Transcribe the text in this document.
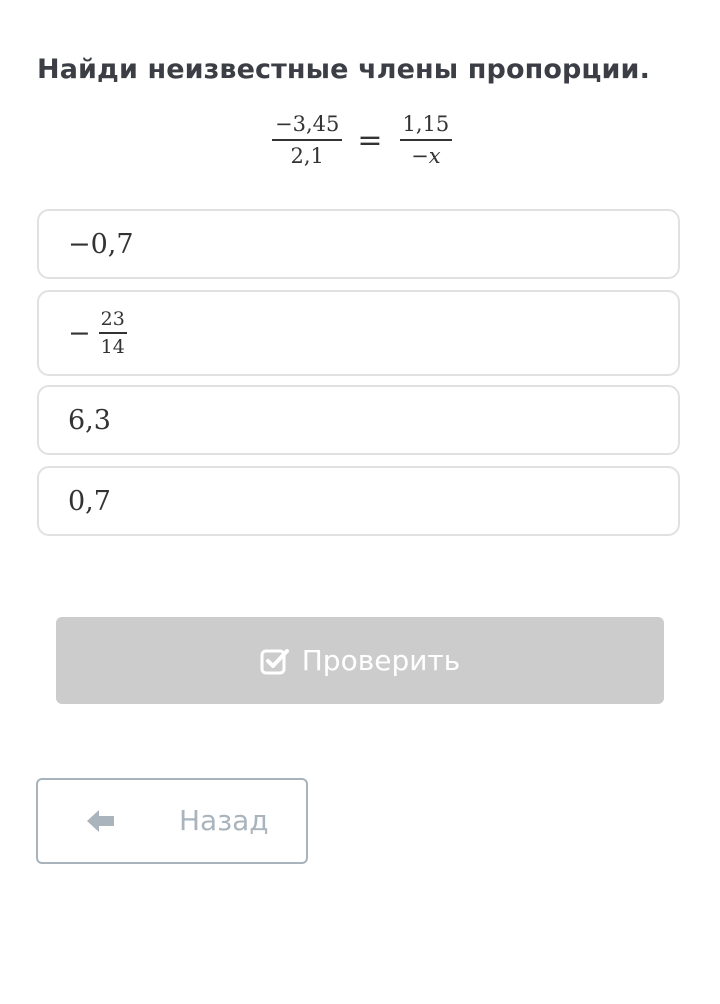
Найди неизвестные члены пропорции.
$\frac{-3,45}{2,1} = \frac{1,15}{-x}$
−0,7
− $\frac{23}{14}$
6,3
0,7
Проверить
Назад
